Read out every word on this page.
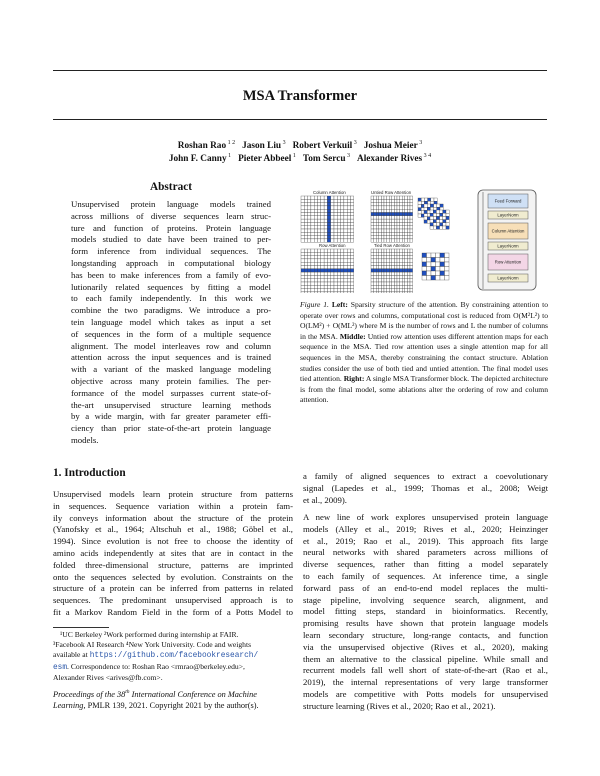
MSA Transformer
Roshan Rao $^{1 2}$ Jason Liu $^3$ Robert Verkuil $^3$ Joshua Meier $^3$
John F. Canny $^1$ Pieter Abbeel $^1$ Tom Sercu $^3$ Alexander Rives $^{3 4}$
Abstract
Unsupervised protein language models trained
across millions of diverse sequences learn struc-
ture and function of proteins. Protein language
models studied to date have been trained to per-
form inference from individual sequences. The
longstanding approach in computational biology
has been to make inferences from a family of evo-
lutionarily related sequences by fitting a model
to each family independently. In this work we
combine the two paradigms. We introduce a pro-
tein language model which takes as input a set
of sequences in the form of a multiple sequence
alignment. The model interleaves row and column
attention across the input sequences and is trained
with a variant of the masked language modeling
objective across many protein families. The per-
formance of the model surpasses current state-of-
the-art unsupervised structure learning methods
by a wide margin, with far greater parameter effi-
ciency than prior state-of-the-art protein language
models.
Column Attention	Untied Row Attention
Row Attention	Tied Row Attention
Feed Forward
LayerNorm
Column Attention
LayerNorm
Row Attention
LayerNorm
Figure 1. Left: Sparsity structure of the attention. By constraining attention to operate over rows and columns, computational cost is reduced from O(M²L²) to O(LM²) + O(ML²) where M is the number of rows and L the number of columns in the MSA. Middle: Untied row attention uses different attention maps for each sequence in the MSA. Tied row attention uses a single attention map for all sequences in the MSA, thereby constraining the contact structure. Ablation studies consider the use of both tied and untied attention. The final model uses tied attention. Right: A single MSA Transformer block. The depicted architecture is from the final model, some ablations alter the ordering of row and column attention.
1. Introduction
Unsupervised models learn protein structure from patterns
in sequences. Sequence variation within a protein fam-
ily conveys information about the structure of the protein
(Yanofsky et al., 1964; Altschuh et al., 1988; Göbel et al.,
1994). Since evolution is not free to choose the identity of
amino acids independently at sites that are in contact in the
folded three-dimensional structure, patterns are imprinted
onto the sequences selected by evolution. Constraints on the
structure of a protein can be inferred from patterns in related
sequences. The predominant unsupervised approach is to
fit a Markov Random Field in the form of a Potts Model to
¹UC Berkeley ²Work performed during internship at FAIR.
³Facebook AI Research ⁴New York University. Code and weights
available at https://github.com/facebookresearch/
esm. Correspondence to: Roshan Rao <rmrao@berkeley.edu>,
Alexander Rives <arives@fb.com>.
Proceedings of the 38th International Conference on Machine
Learning, PMLR 139, 2021. Copyright 2021 by the author(s).
a family of aligned sequences to extract a coevolutionary
signal (Lapedes et al., 1999; Thomas et al., 2008; Weigt
et al., 2009).
A new line of work explores unsupervised protein language
models (Alley et al., 2019; Rives et al., 2020; Heinzinger
et al., 2019; Rao et al., 2019). This approach fits large
neural networks with shared parameters across millions of
diverse sequences, rather than fitting a model separately
to each family of sequences. At inference time, a single
forward pass of an end-to-end model replaces the multi-
stage pipeline, involving sequence search, alignment, and
model fitting steps, standard in bioinformatics. Recently,
promising results have shown that protein language models
learn secondary structure, long-range contacts, and function
via the unsupervised objective (Rives et al., 2020), making
them an alternative to the classical pipeline. While small and
recurrent models fall well short of state-of-the-art (Rao et al.,
2019), the internal representations of very large transformer
models are competitive with Potts models for unsupervised
structure learning (Rives et al., 2020; Rao et al., 2021).
